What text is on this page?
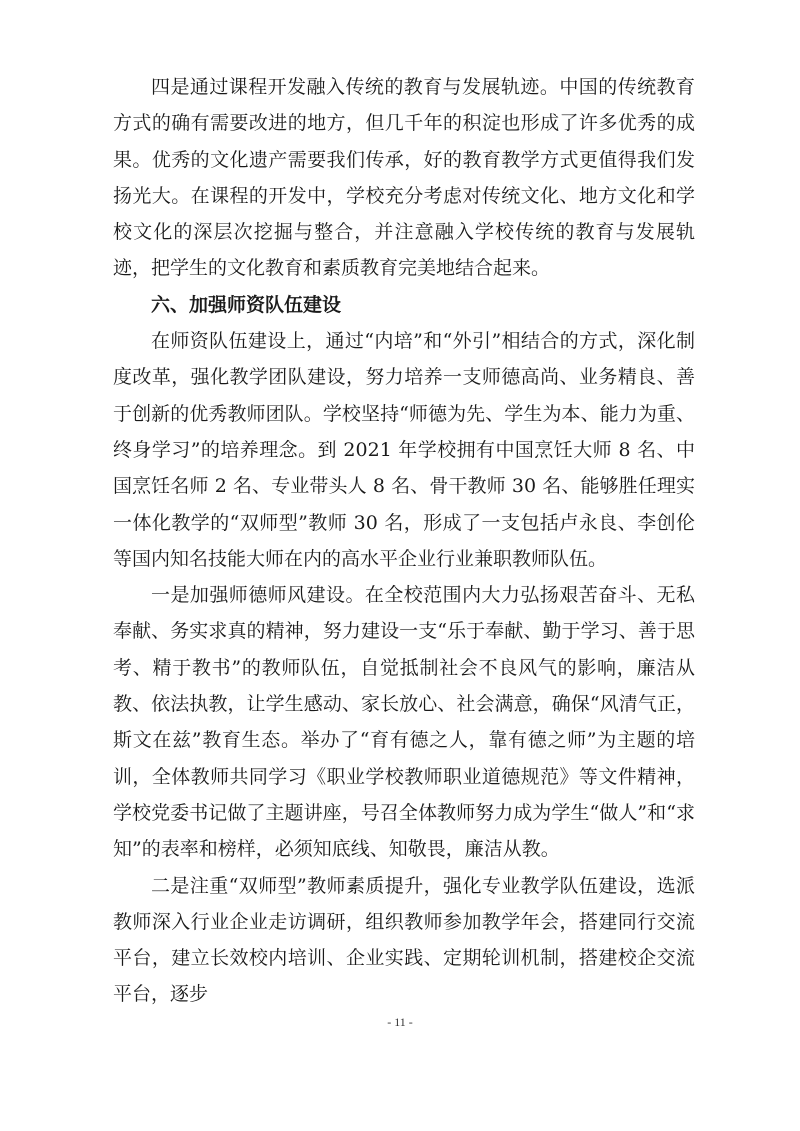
四是通过课程开发融入传统的教育与发展轨迹。中国的传统教育方式的确有需要改进的地方，但几千年的积淀也形成了许多优秀的成果。优秀的文化遗产需要我们传承，好的教育教学方式更值得我们发扬光大。在课程的开发中，学校充分考虑对传统文化、地方文化和学校文化的深层次挖掘与整合，并注意融入学校传统的教育与发展轨迹，把学生的文化教育和素质教育完美地结合起来。

六、加强师资队伍建设

在师资队伍建设上，通过“内培”和“外引”相结合的方式，深化制度改革，强化教学团队建设，努力培养一支师德高尚、业务精良、善于创新的优秀教师团队。学校坚持“师德为先、学生为本、能力为重、终身学习”的培养理念。到 2021 年学校拥有中国烹饪大师 8 名、中国烹饪名师 2 名、专业带头人 8 名、骨干教师 30 名、能够胜任理实一体化教学的“双师型”教师 30 名，形成了一支包括卢永良、李创伦等国内知名技能大师在内的高水平企业行业兼职教师队伍。

一是加强师德师风建设。在全校范围内大力弘扬艰苦奋斗、无私奉献、务实求真的精神，努力建设一支“乐于奉献、勤于学习、善于思考、精于教书”的教师队伍，自觉抵制社会不良风气的影响，廉洁从教、依法执教，让学生感动、家长放心、社会满意，确保“风清气正，斯文在兹”教育生态。举办了“育有德之人，靠有德之师”为主题的培训，全体教师共同学习《职业学校教师职业道德规范》等文件精神，学校党委书记做了主题讲座，号召全体教师努力成为学生“做人”和“求知”的表率和榜样，必须知底线、知敬畏，廉洁从教。

二是注重“双师型”教师素质提升，强化专业教学队伍建设，选派教师深入行业企业走访调研，组织教师参加教学年会，搭建同行交流平台，建立长效校内培训、企业实践、定期轮训机制，搭建校企交流平台，逐步

- 11 -
